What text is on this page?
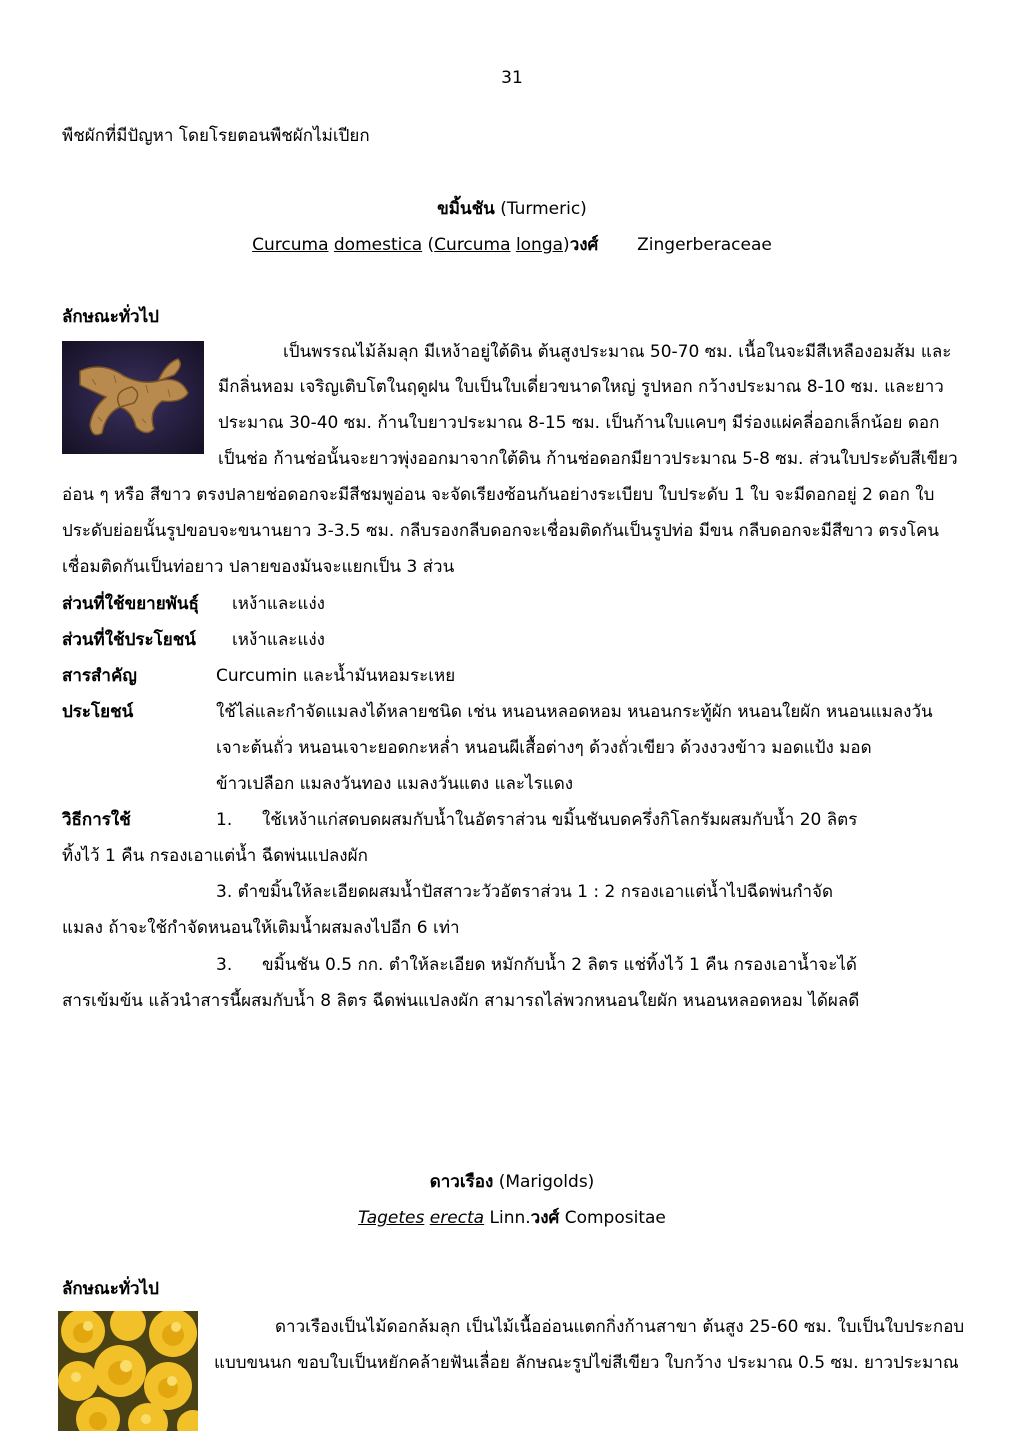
31
พืชผักที่มีปัญหา โดยโรยตอนพืชผักไม่เปียก
ขมิ้นชัน (Turmeric)
Curcuma domestica (Curcuma longa)วงศ์ Zingerberaceae
ลักษณะทั่วไป
เป็นพรรณไม้ล้มลุก มีเหง้าอยู่ใต้ดิน ต้นสูงประมาณ 50-70 ซม. เนื้อในจะมีสีเหลืองอมส้ม และ
มีกลิ่นหอม เจริญเติบโตในฤดูฝน ใบเป็นใบเดี่ยวขนาดใหญ่ รูปหอก กว้างประมาณ 8-10 ซม. และยาว
ประมาณ 30-40 ซม. ก้านใบยาวประมาณ 8-15 ซม. เป็นก้านใบแคบๆ มีร่องแผ่คลี่ออกเล็กน้อย ดอก
เป็นช่อ ก้านช่อนั้นจะยาวพุ่งออกมาจากใต้ดิน ก้านช่อดอกมียาวประมาณ 5-8 ซม. ส่วนใบประดับสีเขียว
อ่อน ๆ หรือ สีขาว ตรงปลายช่อดอกจะมีสีชมพูอ่อน จะจัดเรียงซ้อนกันอย่างระเบียบ ใบประดับ 1 ใบ จะมีดอกอยู่ 2 ดอก ใบ
ประดับย่อยนั้นรูปขอบจะขนานยาว 3-3.5 ซม. กลีบรองกลีบดอกจะเชื่อมติดกันเป็นรูปท่อ มีขน กลีบดอกจะมีสีขาว ตรงโคน
เชื่อมติดกันเป็นท่อยาว ปลายของมันจะแยกเป็น 3 ส่วน
ส่วนที่ใช้ขยายพันธุ์ เหง้าและแง่ง
ส่วนที่ใช้ประโยชน์ เหง้าและแง่ง
สารสำคัญ	Curcumin และน้ำมันหอมระเหย
ประโยชน์	ใช้ไล่และกำจัดแมลงได้หลายชนิด เช่น หนอนหลอดหอม หนอนกระทู้ผัก หนอนใยผัก หนอนแมลงวัน
เจาะต้นถั่ว หนอนเจาะยอดกะหล่ำ หนอนผีเสื้อต่างๆ ด้วงถั่วเขียว ด้วงงวงข้าว มอดแป้ง มอด
ข้าวเปลือก แมลงวันทอง แมลงวันแตง และไรแดง
วิธีการใช้	1. ใช้เหง้าแก่สดบดผสมกับน้ำในอัตราส่วน ขมิ้นชันบดครึ่งกิโลกรัมผสมกับน้ำ 20 ลิตร
ทิ้งไว้ 1 คืน กรองเอาแต่น้ำ ฉีดพ่นแปลงผัก
3. ตำขมิ้นให้ละเอียดผสมน้ำปัสสาวะวัวอัตราส่วน 1 : 2 กรองเอาแต่น้ำไปฉีดพ่นกำจัด
แมลง ถ้าจะใช้กำจัดหนอนให้เติมน้ำผสมลงไปอีก 6 เท่า
3. ขมิ้นชัน 0.5 กก. ตำให้ละเอียด หมักกับน้ำ 2 ลิตร แช่ทิ้งไว้ 1 คืน กรองเอาน้ำจะได้
สารเข้มข้น แล้วนำสารนี้ผสมกับน้ำ 8 ลิตร ฉีดพ่นแปลงผัก สามารถไล่พวกหนอนใยผัก หนอนหลอดหอม ได้ผลดี
ดาวเรือง (Marigolds)
Tagetes erecta Linn.วงศ์ Compositae
ลักษณะทั่วไป
ดาวเรืองเป็นไม้ดอกล้มลุก เป็นไม้เนื้ออ่อนแตกกิ่งก้านสาขา ต้นสูง 25-60 ซม. ใบเป็นใบประกอบ
แบบขนนก ขอบใบเป็นหยักคล้ายฟันเลื่อย ลักษณะรูปไข่สีเขียว ใบกว้าง ประมาณ 0.5 ซม. ยาวประมาณ
